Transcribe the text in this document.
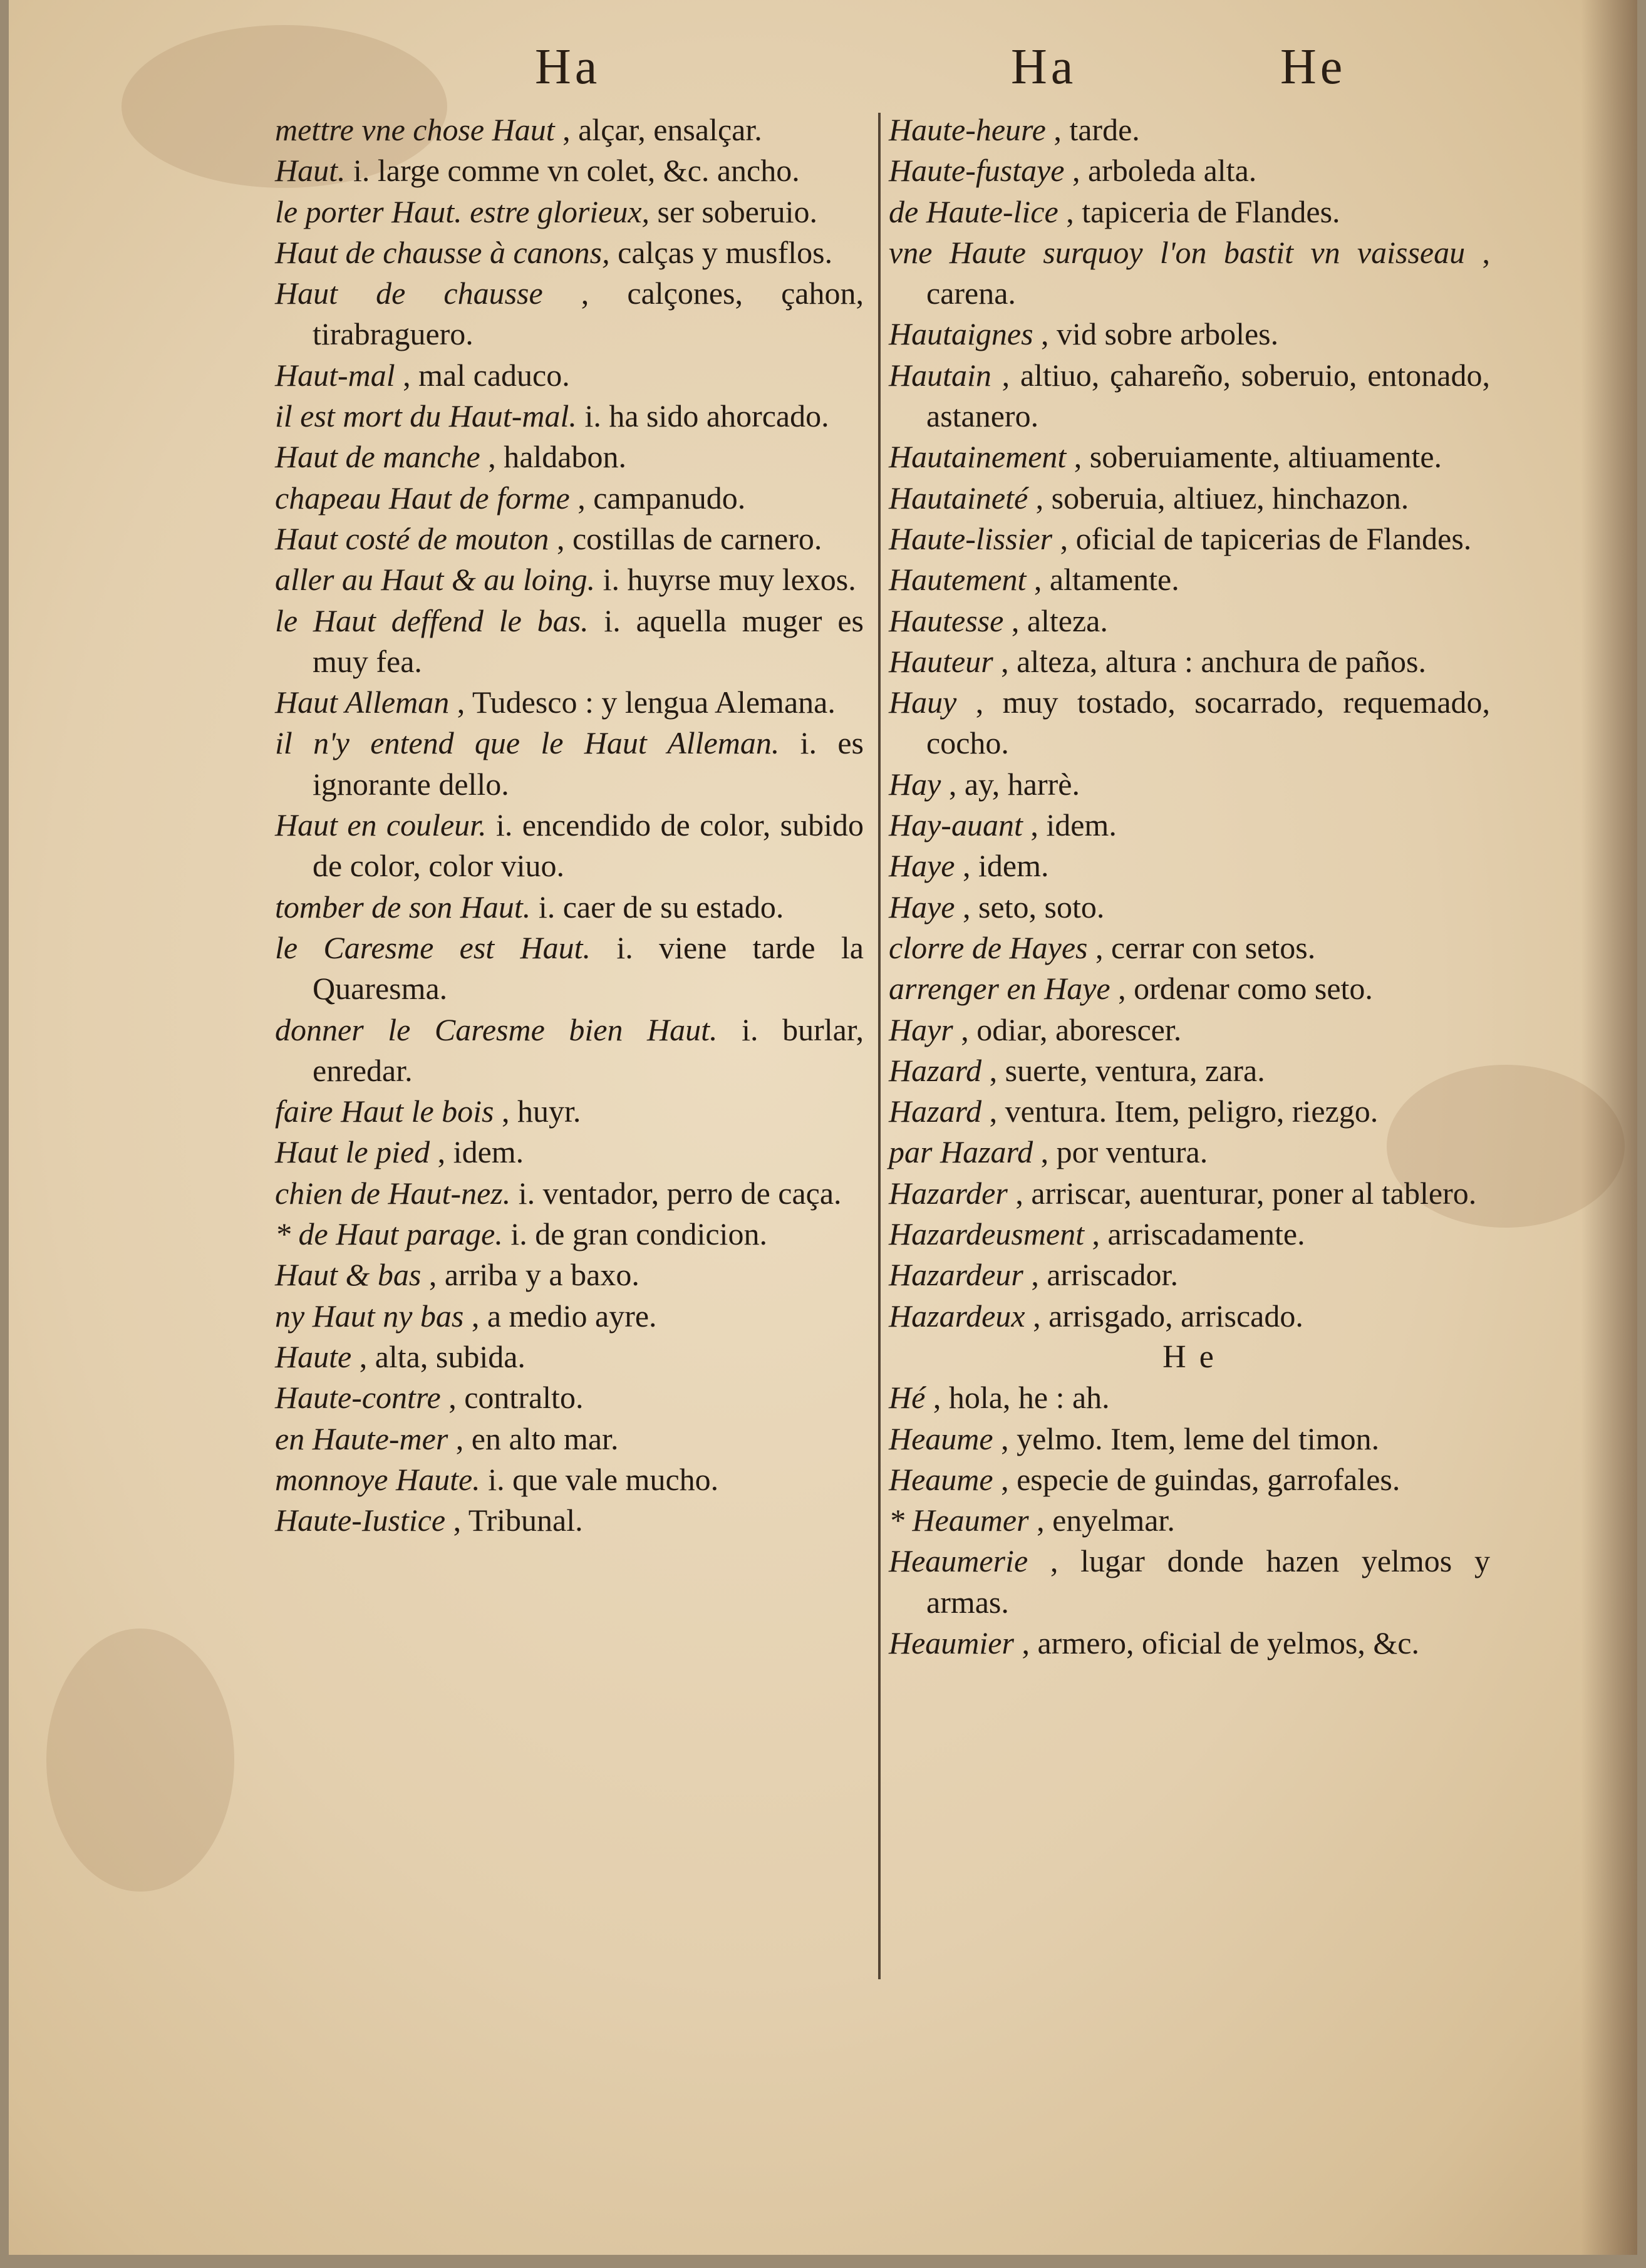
Ha	Ha	He
mettre vne chose Haut , alçar, ensalçar.
Haut. i. large comme vn colet, &c. ancho.
le porter Haut. estre glorieux, ser soberuio.
Haut de chausse à canons, calças y musflos.
Haut de chausse , calçones, çahon, tirabraguero.
Haut-mal , mal caduco.
il est mort du Haut-mal. i. ha sido ahorcado.
Haut de manche , haldabon.
chapeau Haut de forme , campanudo.
Haut costé de mouton , costillas de carnero.
aller au Haut & au loing. i. huyrse muy lexos.
le Haut deffend le bas. i. aquella muger es muy fea.
Haut Alleman , Tudesco : y lengua Alemana.
il n'y entend que le Haut Alleman. i. es ignorante dello.
Haut en couleur. i. encendido de color, subido de color, color viuo.
tomber de son Haut. i. caer de su estado.
le Caresme est Haut. i. viene tarde la Quaresma.
donner le Caresme bien Haut. i. burlar, enredar.
faire Haut le bois , huyr.
Haut le pied , idem.
chien de Haut-nez. i. ventador, perro de caça.
* de Haut parage. i. de gran condicion.
Haut & bas , arriba y a baxo.
ny Haut ny bas , a medio ayre.
Haute , alta, subida.
Haute-contre , contralto.
en Haute-mer , en alto mar.
monnoye Haute. i. que vale mucho.
Haute-Iustice , Tribunal.
Haute-heure , tarde.
Haute-fustaye , arboleda alta.
de Haute-lice , tapiceria de Flandes.
vne Haute surquoy l'on bastit vn vaisseau , carena.
Hautaignes , vid sobre arboles.
Hautain , altiuo, çahareño, soberuio, entonado, astanero.
Hautainement , soberuiamente, altiuamente.
Hautaineté , soberuia, altiuez, hinchazon.
Haute-lissier , oficial de tapicerias de Flandes.
Hautement , altamente.
Hautesse , alteza.
Hauteur , alteza, altura : anchura de paños.
Hauy , muy tostado, socarrado, requemado, cocho.
Hay , ay, harrè.
Hay-auant , idem.
Haye , idem.
Haye , seto, soto.
clorre de Hayes , cerrar con setos.
arrenger en Haye , ordenar como seto.
Hayr , odiar, aborescer.
Hazard , suerte, ventura, zara.
Hazard , ventura. Item, peligro, riezgo.
par Hazard , por ventura.
Hazarder , arriscar, auenturar, poner al tablero.
Hazardeusment , arriscadamente.
Hazardeur , arriscador.
Hazardeux , arrisgado, arriscado.
H e
Hé , hola, he : ah.
Heaume , yelmo. Item, leme del timon.
Heaume , especie de guindas, garrofales.
* Heaumer , enyelmar.
Heaumerie , lugar donde hazen yelmos y armas.
Heaumier , armero, oficial de yelmos, &c.
